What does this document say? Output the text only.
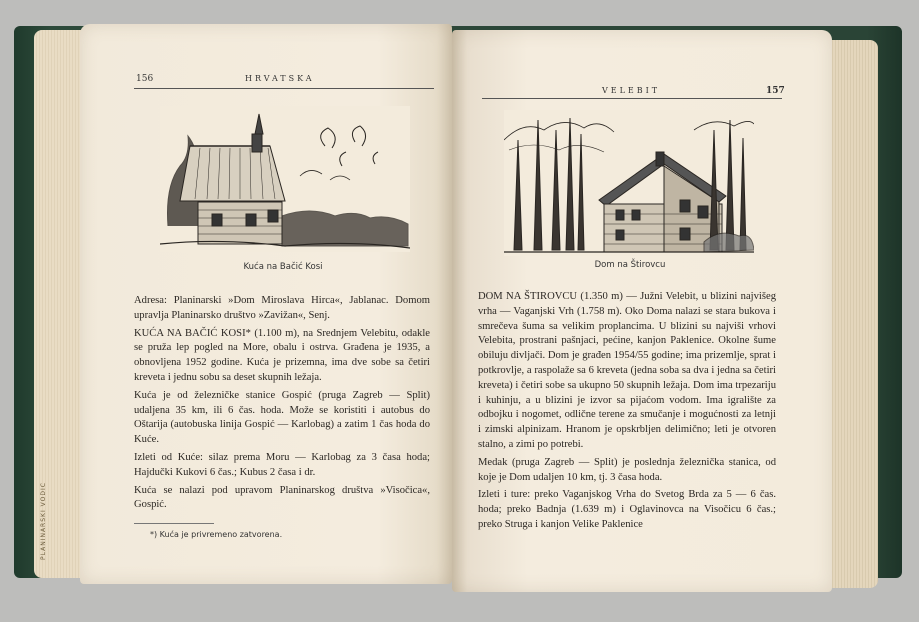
PLANINARSKI VODIČ
156	HRVATSKA
Kuća na Bačić Kosi

Adresa: Planinarski »Dom Miroslava Hirca«, Jablanac. Domom upravlja Planinarsko društvo »Zavižan«, Senj.

KUĆA NA BAČIĆ KOSI* (1.100 m), na Srednjem Velebitu, odakle se pruža lep pogled na More, obalu i ostrva. Građena je 1935, a obnovljena 1952 godine. Kuća je prizemna, ima dve sobe sa četiri kreveta i jednu sobu sa deset skupnih ležaja.

Kuća je od železničke stanice Gospić (pruga Zagreb — Split) udaljena 35 km, ili 6 čas. hoda. Može se koristiti i autobus do Oštarija (autobuska linija Gospić — Karlobag) a zatim 1 čas hoda do Kuće.

Izleti od Kuće: silaz prema Moru — Karlobag za 3 časa hoda; Hajdučki Kukovi 6 čas.; Kubus 2 časa i dr.

Kuća se nalazi pod upravom Planinarskog društva »Visočica«, Gospić.

*) Kuća je privremeno zatvorena.
VELEBIT	157
Dom na Štirovcu

DOM NA ŠTIROVCU (1.350 m) — Južni Velebit, u blizini najvišeg vrha — Vaganjski Vrh (1.758 m). Oko Doma nalazi se stara bukova i smrečeva šuma sa velikim proplancima. U blizini su najviši vrhovi Velebita, prostrani pašnjaci, pećine, kanjon Paklenice. Okolne šume obiluju divljači. Dom je građen 1954/55 godine; ima prizemlje, sprat i potkrovlje, a raspolaže sa 6 kreveta (jedna soba sa dva i jedna sa četiri kreveta) i četiri sobe sa ukupno 50 skupnih ležaja. Dom ima trpezariju i kuhinju, a u blizini je izvor sa pijaćom vodom. Ima igralište za odbojku i nogomet, odlične terene za smučanje i mogućnosti za letnji i zimski alpinizam. Hranom je opskrbljen delimično; leti je otvoren stalno, a zimi po potrebi.

Medak (pruga Zagreb — Split) je poslednja železnička stanica, od koje je Dom udaljen 10 km, tj. 3 časa hoda.

Izleti i ture: preko Vaganjskog Vrha do Svetog Brda za 5 — 6 čas. hoda; preko Badnja (1.639 m) i Oglavinovca na Visočicu 6 čas.; preko Struga i kanjon Velike Paklenice
